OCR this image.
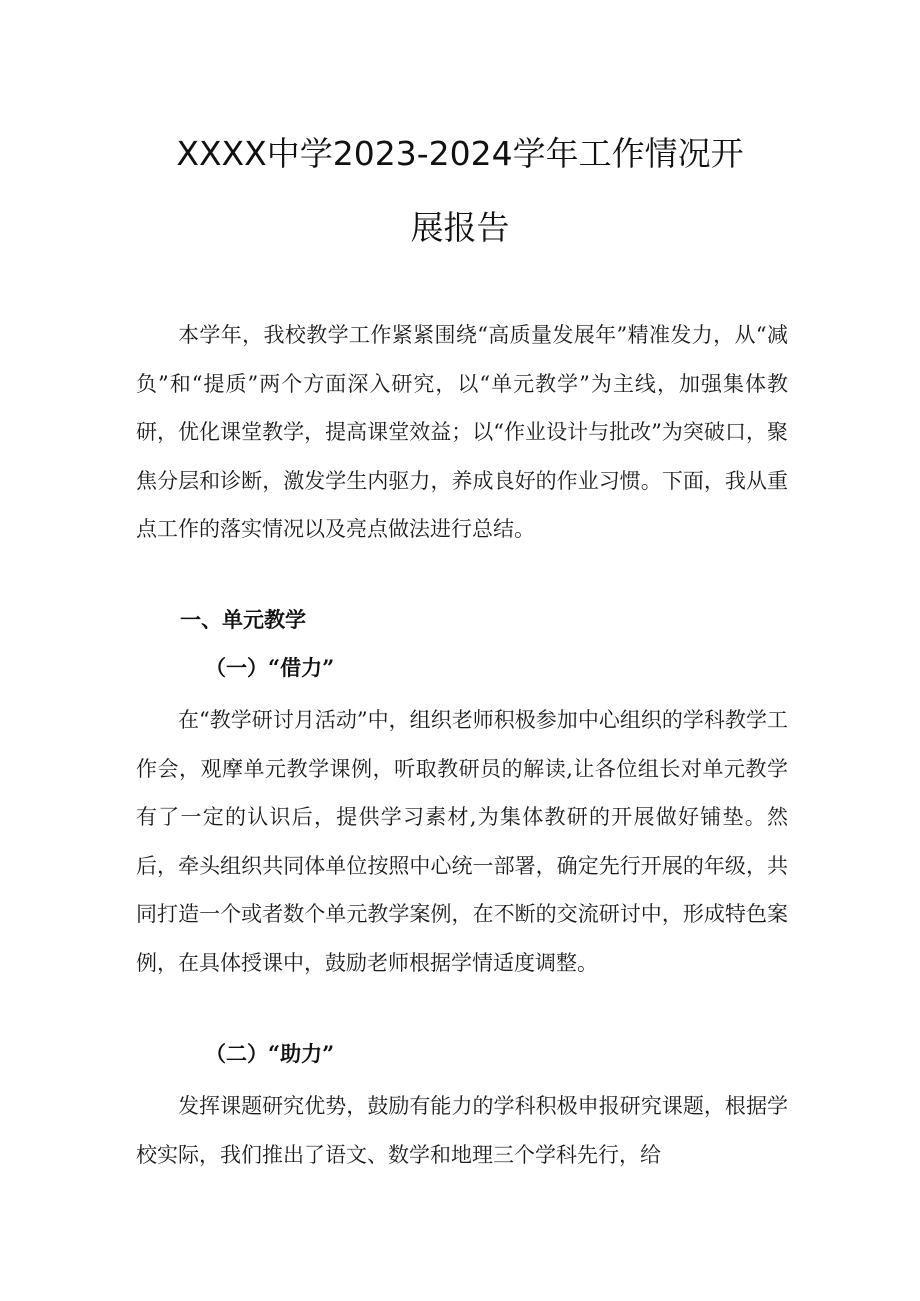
XXXX中学2023-2024学年工作情况开
展报告

本学年，我校教学工作紧紧围绕“高质量发展年”精准发力，从“减负”和“提质”两个方面深入研究，以“单元教学”为主线，加强集体教研，优化课堂教学，提高课堂效益；以“作业设计与批改”为突破口，聚焦分层和诊断，激发学生内驱力，养成良好的作业习惯。下面，我从重点工作的落实情况以及亮点做法进行总结。

一、单元教学
（一）“借力”

在“教学研讨月活动”中，组织老师积极参加中心组织的学科教学工作会，观摩单元教学课例，听取教研员的解读,让各位组长对单元教学有了一定的认识后，提供学习素材,为集体教研的开展做好铺垫。然后，牵头组织共同体单位按照中心统一部署，确定先行开展的年级，共同打造一个或者数个单元教学案例，在不断的交流研讨中，形成特色案例，在具体授课中，鼓励老师根据学情适度调整。

（二）“助力”

发挥课题研究优势，鼓励有能力的学科积极申报研究课题，根据学校实际，我们推出了语文、数学和地理三个学科先行，给
